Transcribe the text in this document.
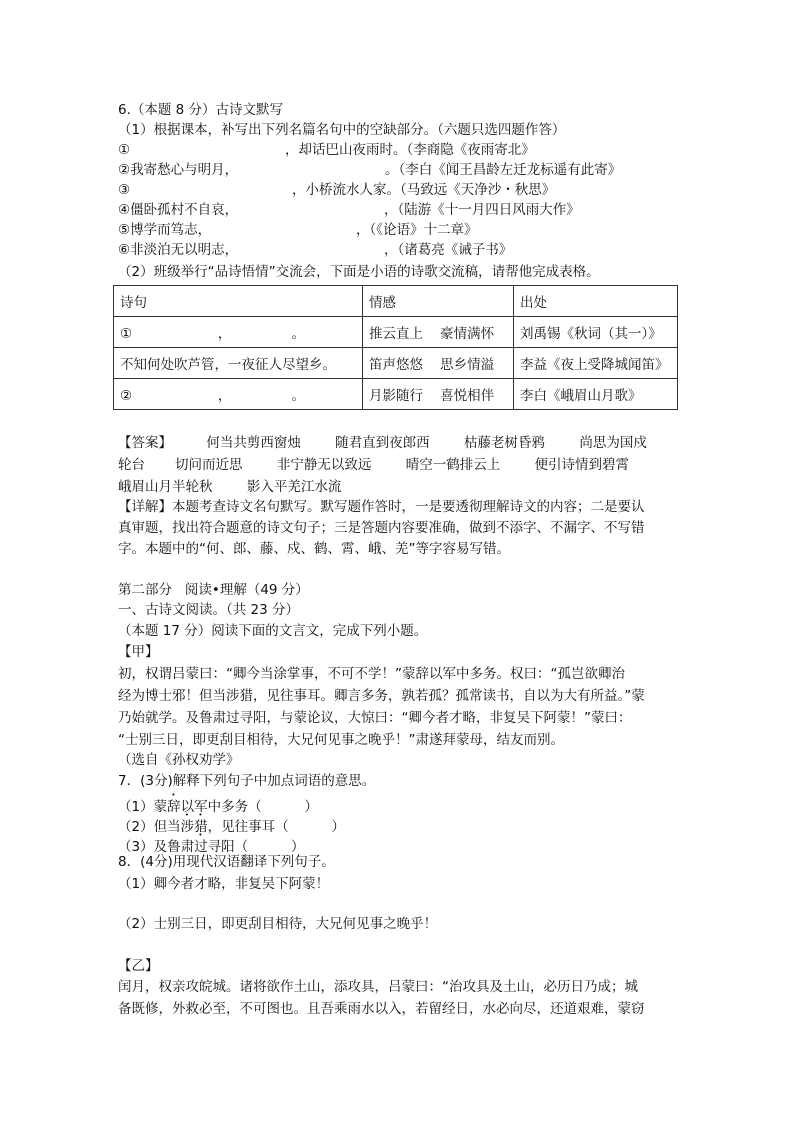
6.（本题 8 分）古诗文默写
（1）根据课本，补写出下列名篇名句中的空缺部分。（六题只选四题作答）
①	，却话巴山夜雨时。（李商隐《夜雨寄北》
②我寄愁心与明月，	。（李白《闻王昌龄左迁龙标遥有此寄》
③	，小桥流水人家。（马致远《天净沙・秋思》
④僵卧孤村不自哀，	，（陆游《十一月四日风雨大作》
⑤博学而笃志，	，（《论语》十二章》
⑥非淡泊无以明志，	，（诸葛亮《诫子书》
（2）班级举行“品诗悟情”交流会，下面是小语的诗歌交流稿，请帮他完成表格。
诗句	情感	出处
①                    ，              。	推云直上    豪情满怀	刘禹锡《秋词（其一）》
不知何处吹芦管，一夜征人尽望乡。	笛声悠悠    思乡情溢	李益《夜上受降城闻笛》
②                    ，              。	月影随行    喜悦相伴	李白《峨眉山月歌》
【答案】        何当共剪西窗烛        随君直到夜郎西        枯藤老树昏鸦        尚思为国戍
轮台       切问而近思        非宁静无以致远        晴空一鹤排云上        便引诗情到碧霄
峨眉山月半轮秋        影入平羌江水流
【详解】本题考查诗文名句默写。默写题作答时，一是要透彻理解诗文的内容；二是要认
真审题，找出符合题意的诗文句子；三是答题内容要准确，做到不添字、不漏字、不写错
字。本题中的“何、郎、藤、戍、鹤、霄、峨、羌”等字容易写错。
第二部分   阅读•理解（49 分）
一、古诗文阅读。（共 23 分）
（本题 17 分）阅读下面的文言文，完成下列小题。
【甲】
初，权谓吕蒙曰：“卿今当涂掌事，不可不学！”蒙辞以军中多务。权曰：“孤岂欲卿治
经为博士邪！但当涉猎，见往事耳。卿言多务，孰若孤？孤常读书，自以为大有所益。”蒙
乃始就学。及鲁肃过寻阳，与蒙论议，大惊曰：“卿今者才略，非复吴下阿蒙！”蒙曰：
“士别三日，即更刮目相待，大兄何见事之晚乎！”肃遂拜蒙母，结友而别。
（选自《孙权劝学》
7．(3分)解释下列句子中加点词语的意思。
（1）蒙辞以军中多务（          ）
（2）但当涉猎，见往事耳（          ）
（3）及鲁肃过寻阳（          ）
8．(4分)用现代汉语翻译下列句子。
（1）卿今者才略，非复吴下阿蒙！
（2）士别三日，即更刮目相待，大兄何见事之晚乎！
【乙】
闰月，权亲攻皖城。诸将欲作土山，添攻具，吕蒙曰：“治攻具及土山，必历日乃成；城
备既修，外救必至，不可图也。且吾乘雨水以入，若留经日，水必向尽，还道艰难，蒙窃
